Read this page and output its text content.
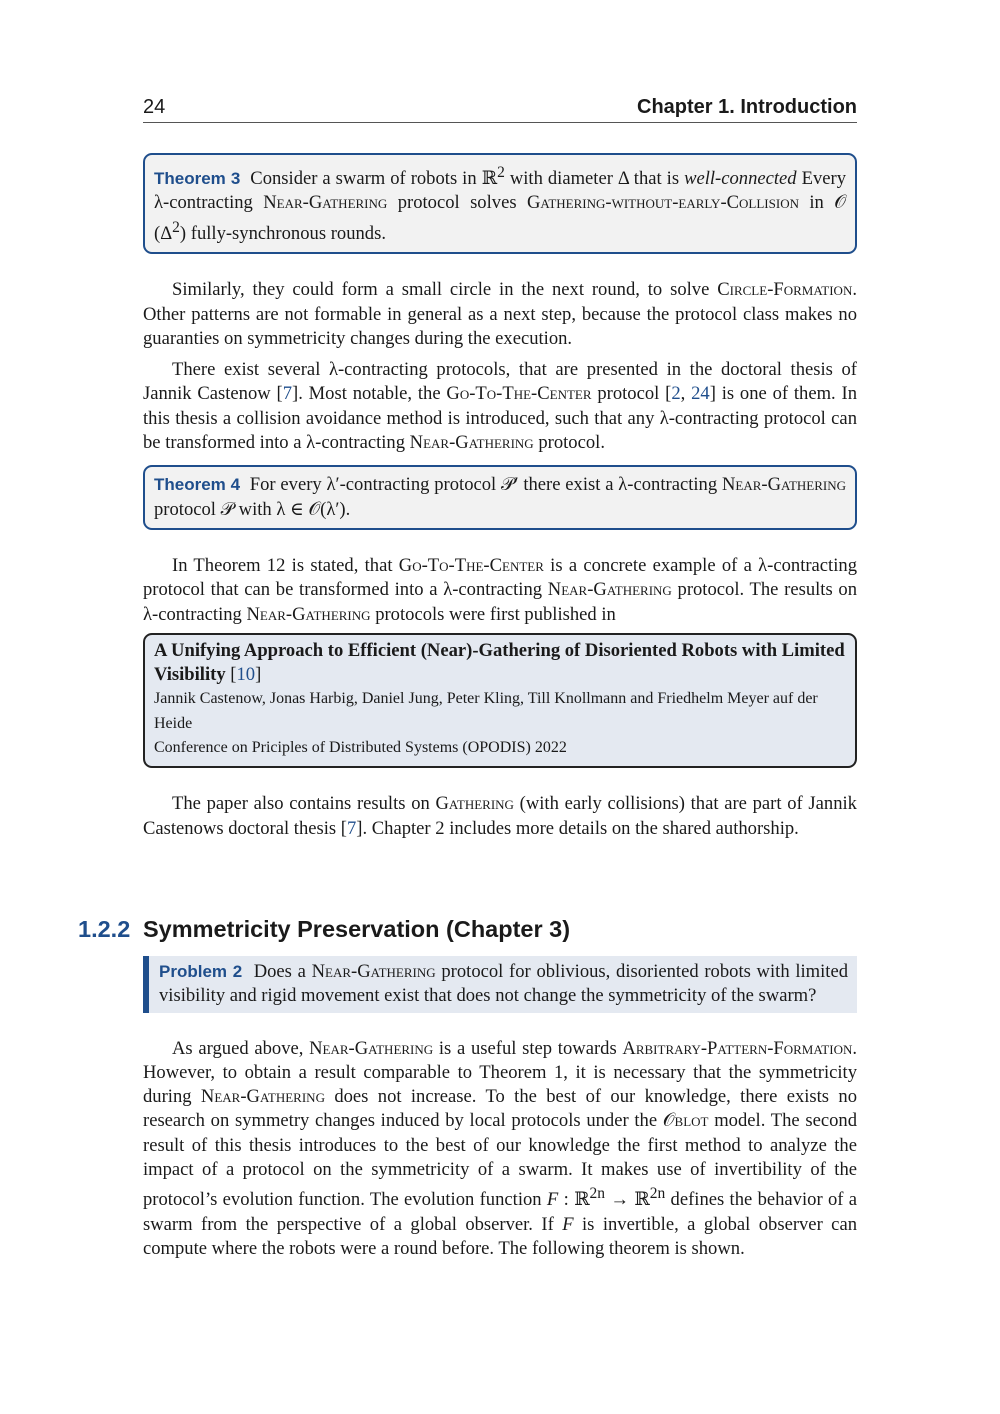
24	Chapter 1. Introduction
Theorem 3 Consider a swarm of robots in ℝ$^2$ with diameter Δ that is well-connected Every λ-contracting Near-Gathering protocol solves Gathering-without-early-Collision in 𝒪 $(\Delta^2)$ fully-synchronous rounds.

Similarly, they could form a small circle in the next round, to solve Circle-Formation. Other patterns are not formable in general as a next step, because the protocol class makes no guaranties on symmetricity changes during the execution.

There exist several λ-contracting protocols, that are presented in the doctoral thesis of Jannik Castenow [7]. Most notable, the Go-To-The-Center protocol [2, 24] is one of them. In this thesis a collision avoidance method is introduced, such that any λ-contracting protocol can be transformed into a λ-contracting Near-Gathering protocol.

Theorem 4 For every λ′-contracting protocol 𝒫′ there exist a λ-contracting Near-Gathering protocol 𝒫 with λ ∈ 𝒪(λ′).

In Theorem 12 is stated, that Go-To-The-Center is a concrete example of a λ-contracting protocol that can be transformed into a λ-contracting Near-Gathering protocol. The results on λ-contracting Near-Gathering protocols were first published in

A Unifying Approach to Efficient (Near)-Gathering of Disoriented Robots with Limited Visibility [10]
Jannik Castenow, Jonas Harbig, Daniel Jung, Peter Kling, Till Knollmann and Friedhelm Meyer auf der Heide
Conference on Priciples of Distributed Systems (OPODIS) 2022

The paper also contains results on Gathering (with early collisions) that are part of Jannik Castenows doctoral thesis [7]. Chapter 2 includes more details on the shared authorship.

1.2.2 Symmetricity Preservation (Chapter 3)
Problem 2 Does a Near-Gathering protocol for oblivious, disoriented robots with limited visibility and rigid movement exist that does not change the symmetricity of the swarm?

As argued above, Near-Gathering is a useful step towards Arbitrary-Pattern-Formation. However, to obtain a result comparable to Theorem 1, it is necessary that the symmetricity during Near-Gathering does not increase. To the best of our knowledge, there exists no research on symmetry changes induced by local protocols under the 𝒪blot model. The second result of this thesis introduces to the best of our knowledge the first method to analyze the impact of a protocol on the symmetricity of a swarm. It makes use of invertibility of the protocol’s evolution function. The evolution function F : ℝ$^{2n}$ → ℝ$^{2n}$ defines the behavior of a swarm from the perspective of a global observer. If F is invertible, a global observer can compute where the robots were a round before. The following theorem is shown.
